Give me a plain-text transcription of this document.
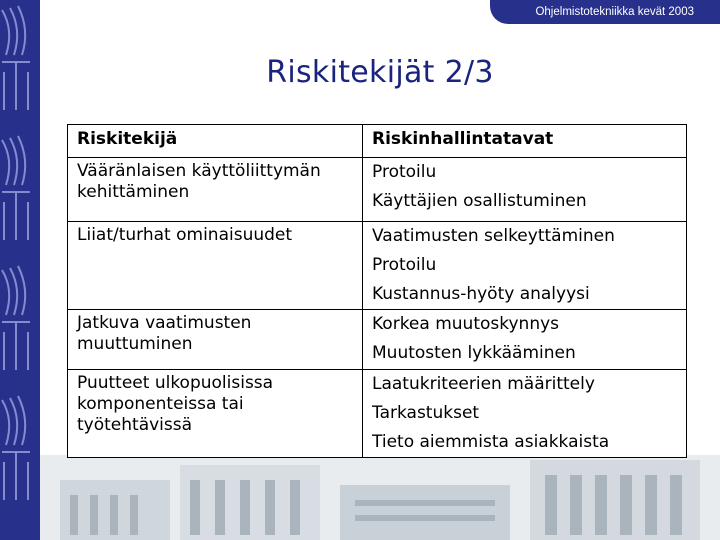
Ohjelmistotekniikka kevät 2003
Riskitekijät 2/3
Riskitekijä	Riskinhallintatavat
Vääränlaisen käyttöliittymän kehittäminen	Protoilu
Käyttäjien osallistuminen

Liiat/turhat ominaisuudet	Vaatimusten selkeyttäminen
Protoilu
Kustannus-hyöty analyysi

Jatkuva vaatimusten muuttuminen	Korkea muutoskynnys
Muutosten lykkääminen

Puutteet ulkopuolisissa komponenteissa tai työtehtävissä	Laatukriteerien määrittely
Tarkastukset
Tieto aiemmista asiakkaista
